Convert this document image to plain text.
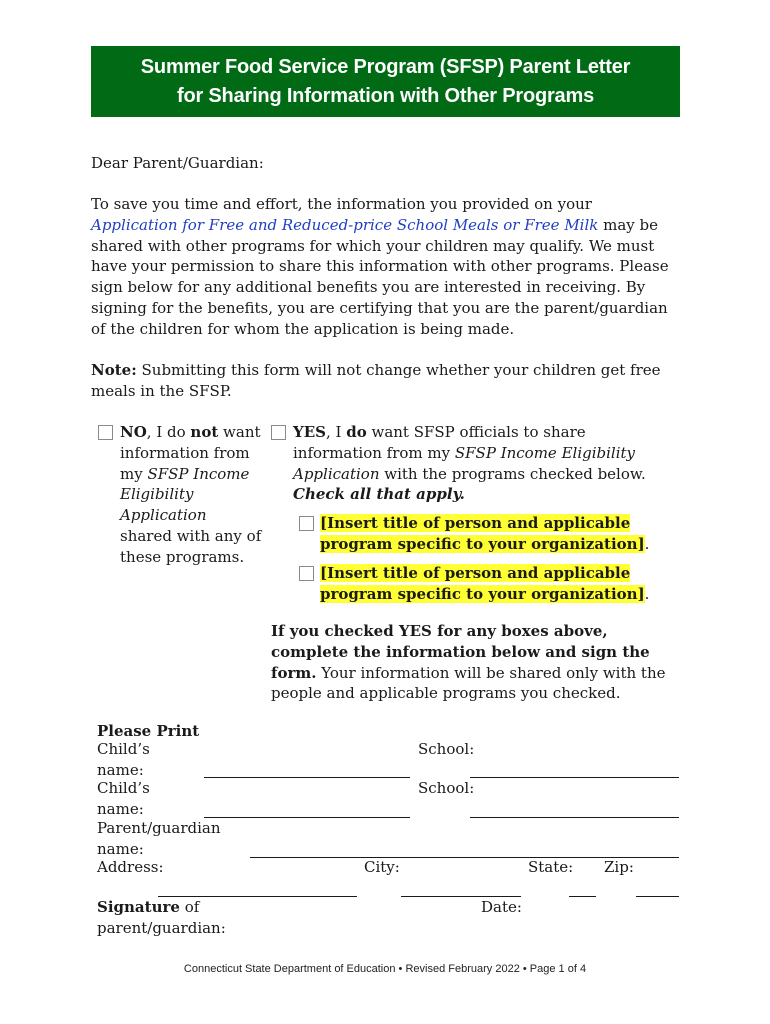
Summer Food Service Program (SFSP) Parent Letter
for Sharing Information with Other Programs
Dear Parent/Guardian:
To save you time and effort, the information you provided on your
Application for Free and Reduced-price School Meals or Free Milk may be shared with other programs for which your children may qualify. We must have your permission to share this information with other programs. Please sign below for any additional benefits you are interested in receiving. By signing for the benefits, you are certifying that you are the parent/guardian of the children for whom the application is being made.
Note: Submitting this form will not change whether your children get free meals in the SFSP.
NO, I do not want information from my SFSP Income Eligibility Application shared with any of these programs.
YES, I do want SFSP officials to share information from my SFSP Income Eligibility Application with the programs checked below. Check all that apply.
[Insert title of person and applicable program specific to your organization].
[Insert title of person and applicable program specific to your organization].
If you checked YES for any boxes above, complete the information below and sign the form. Your information will be shared only with the people and applicable programs you checked.
Please Print
Child’s name:
School:
Child’s name:
School:
Parent/guardian name:
Address:	City:	State: Zip:
Signature of parent/guardian:
Date:
Connecticut State Department of Education • Revised February 2022 • Page 1 of 4
